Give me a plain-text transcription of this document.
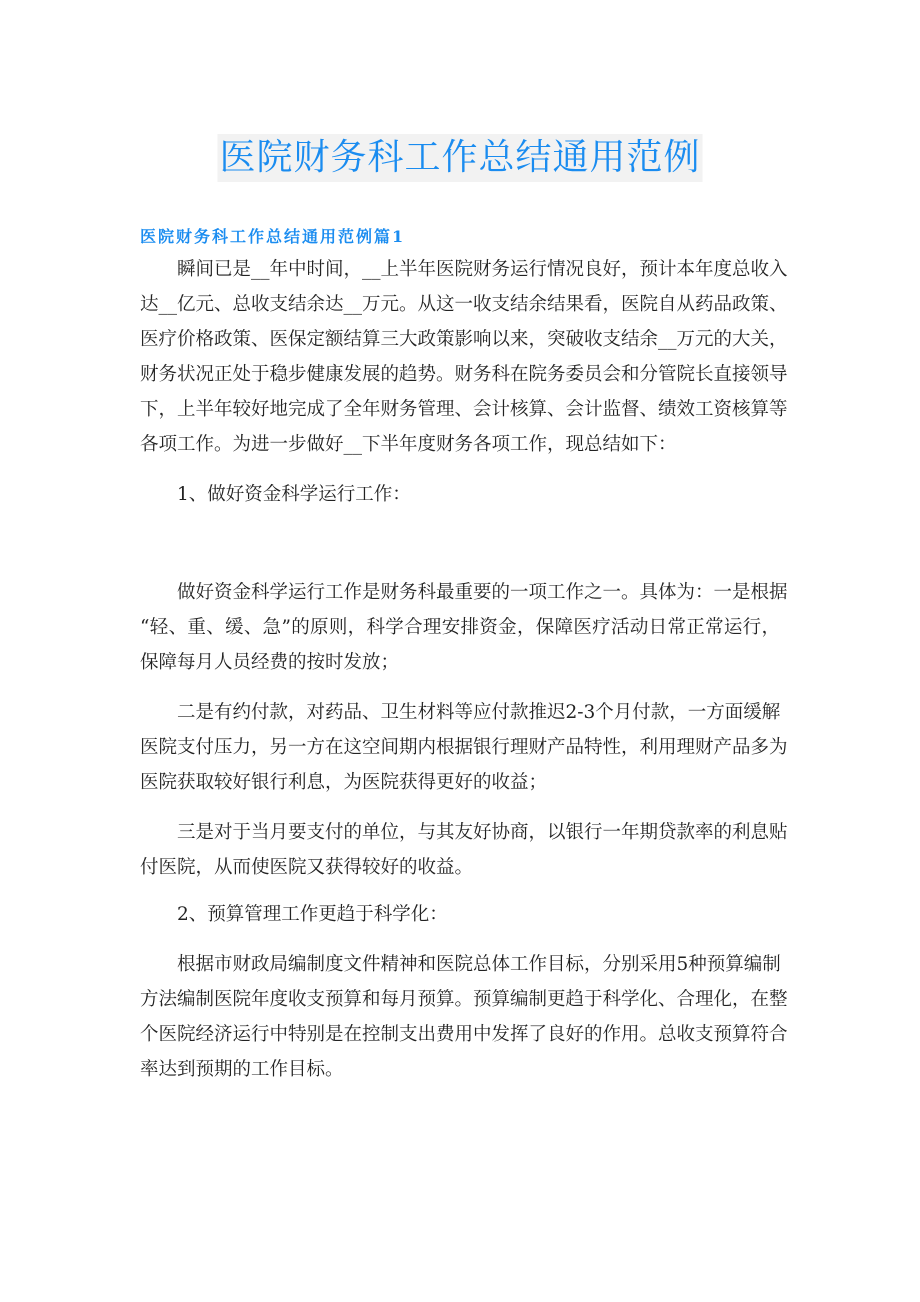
医院财务科工作总结通用范例
医院财务科工作总结通用范例篇1
瞬间已是__年中时间，__上半年医院财务运行情况良好，预计本年度总收入
达__亿元、总收支结余达__万元。从这一收支结余结果看，医院自从药品政策、
医疗价格政策、医保定额结算三大政策影响以来，突破收支结余__万元的大关，
财务状况正处于稳步健康发展的趋势。财务科在院务委员会和分管院长直接领导
下，上半年较好地完成了全年财务管理、会计核算、会计监督、绩效工资核算等
各项工作。为进一步做好__下半年度财务各项工作，现总结如下：
1、做好资金科学运行工作：
做好资金科学运行工作是财务科最重要的一项工作之一。具体为：一是根据
“轻、重、缓、急”的原则，科学合理安排资金，保障医疗活动日常正常运行，
保障每月人员经费的按时发放；
二是有约付款，对药品、卫生材料等应付款推迟2-3个月付款，一方面缓解
医院支付压力，另一方在这空间期内根据银行理财产品特性，利用理财产品多为
医院获取较好银行利息，为医院获得更好的收益；
三是对于当月要支付的单位，与其友好协商，以银行一年期贷款率的利息贴
付医院，从而使医院又获得较好的收益。
2、预算管理工作更趋于科学化：
根据市财政局编制度文件精神和医院总体工作目标，分别采用5种预算编制
方法编制医院年度收支预算和每月预算。预算编制更趋于科学化、合理化，在整
个医院经济运行中特别是在控制支出费用中发挥了良好的作用。总收支预算符合
率达到预期的工作目标。
